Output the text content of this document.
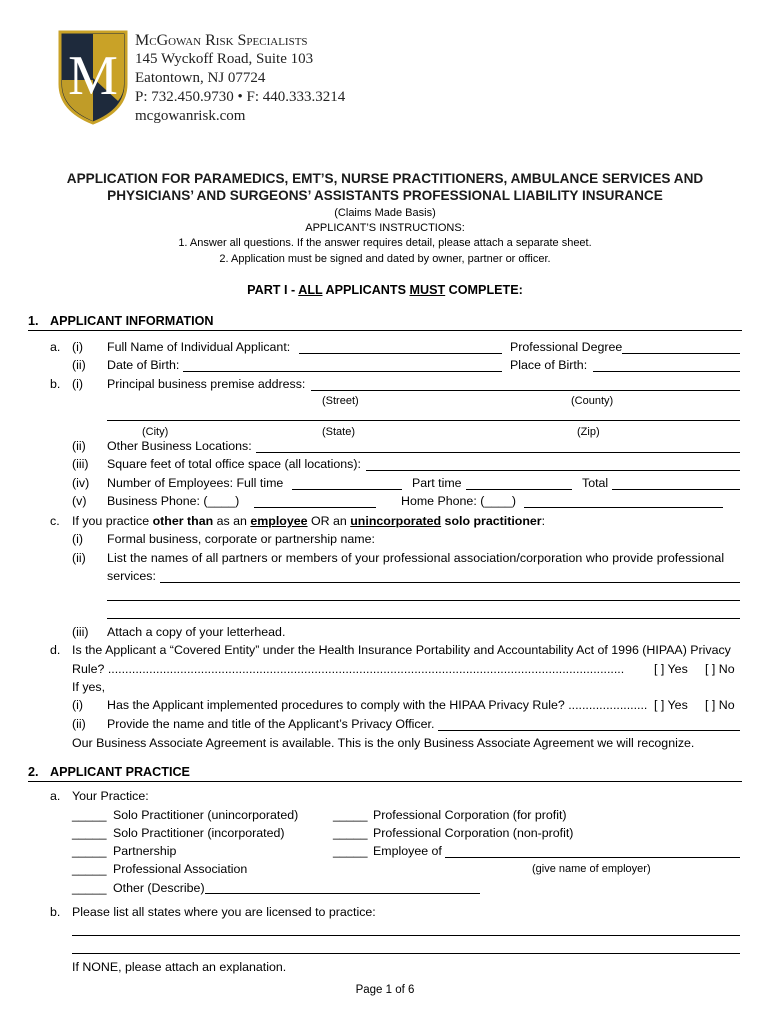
M
McGowan Risk Specialists
145 Wyckoff Road, Suite 103
Eatontown, NJ 07724
P: 732.450.9730 • F: 440.333.3214
mcgowanrisk.com
APPLICATION FOR PARAMEDICS, EMT’S, NURSE PRACTITIONERS, AMBULANCE SERVICES AND
PHYSICIANS’ AND SURGEONS’ ASSISTANTS PROFESSIONAL LIABILITY INSURANCE
(Claims Made Basis)
APPLICANT’S INSTRUCTIONS:
1. Answer all questions. If the answer requires detail, please attach a separate sheet.
2. Application must be signed and dated by owner, partner or officer.
PART I - ALL APPLICANTS MUST COMPLETE:
1. APPLICANT INFORMATION
a. (i) Full Name of Individual Applicant:	Professional Degree
(ii) Date of Birth:	Place of Birth:
b. (i) Principal business premise address:
(Street)	(County)
(City)	(State)	(Zip)
(ii) Other Business Locations:
(iii) Square feet of total office space (all locations):
(iv) Number of Employees: Full time	Part time	Total
(v) Business Phone: (____)	Home Phone: (____)
c. If you practice other than as an employee OR an unincorporated solo practitioner:
(i) Formal business, corporate or partnership name:
(ii) List the names of all partners or members of your professional association/corporation who provide professional
services:
(iii) Attach a copy of your letterhead.
d. Is the Applicant a “Covered Entity” under the Health Insurance Portability and Accountability Act of 1996 (HIPAA) Privacy
Rule? ......................................................................................................................................................	[ ] Yes [ ] No
If yes,
(i) Has the Applicant implemented procedures to comply with the HIPAA Privacy Rule? ....................... [ ] Yes [ ] No
(ii) Provide the name and title of the Applicant’s Privacy Officer.
Our Business Associate Agreement is available. This is the only Business Associate Agreement we will recognize.
2. APPLICANT PRACTICE
a. Your Practice:
_____ Solo Practitioner (unincorporated)	_____ Professional Corporation (for profit)
_____ Solo Practitioner (incorporated)	_____ Professional Corporation (non-profit)
_____ Partnership	_____ Employee of
_____ Professional Association	(give name of employer)
_____ Other (Describe)
b. Please list all states where you are licensed to practice:
If NONE, please attach an explanation.
Page 1 of 6
